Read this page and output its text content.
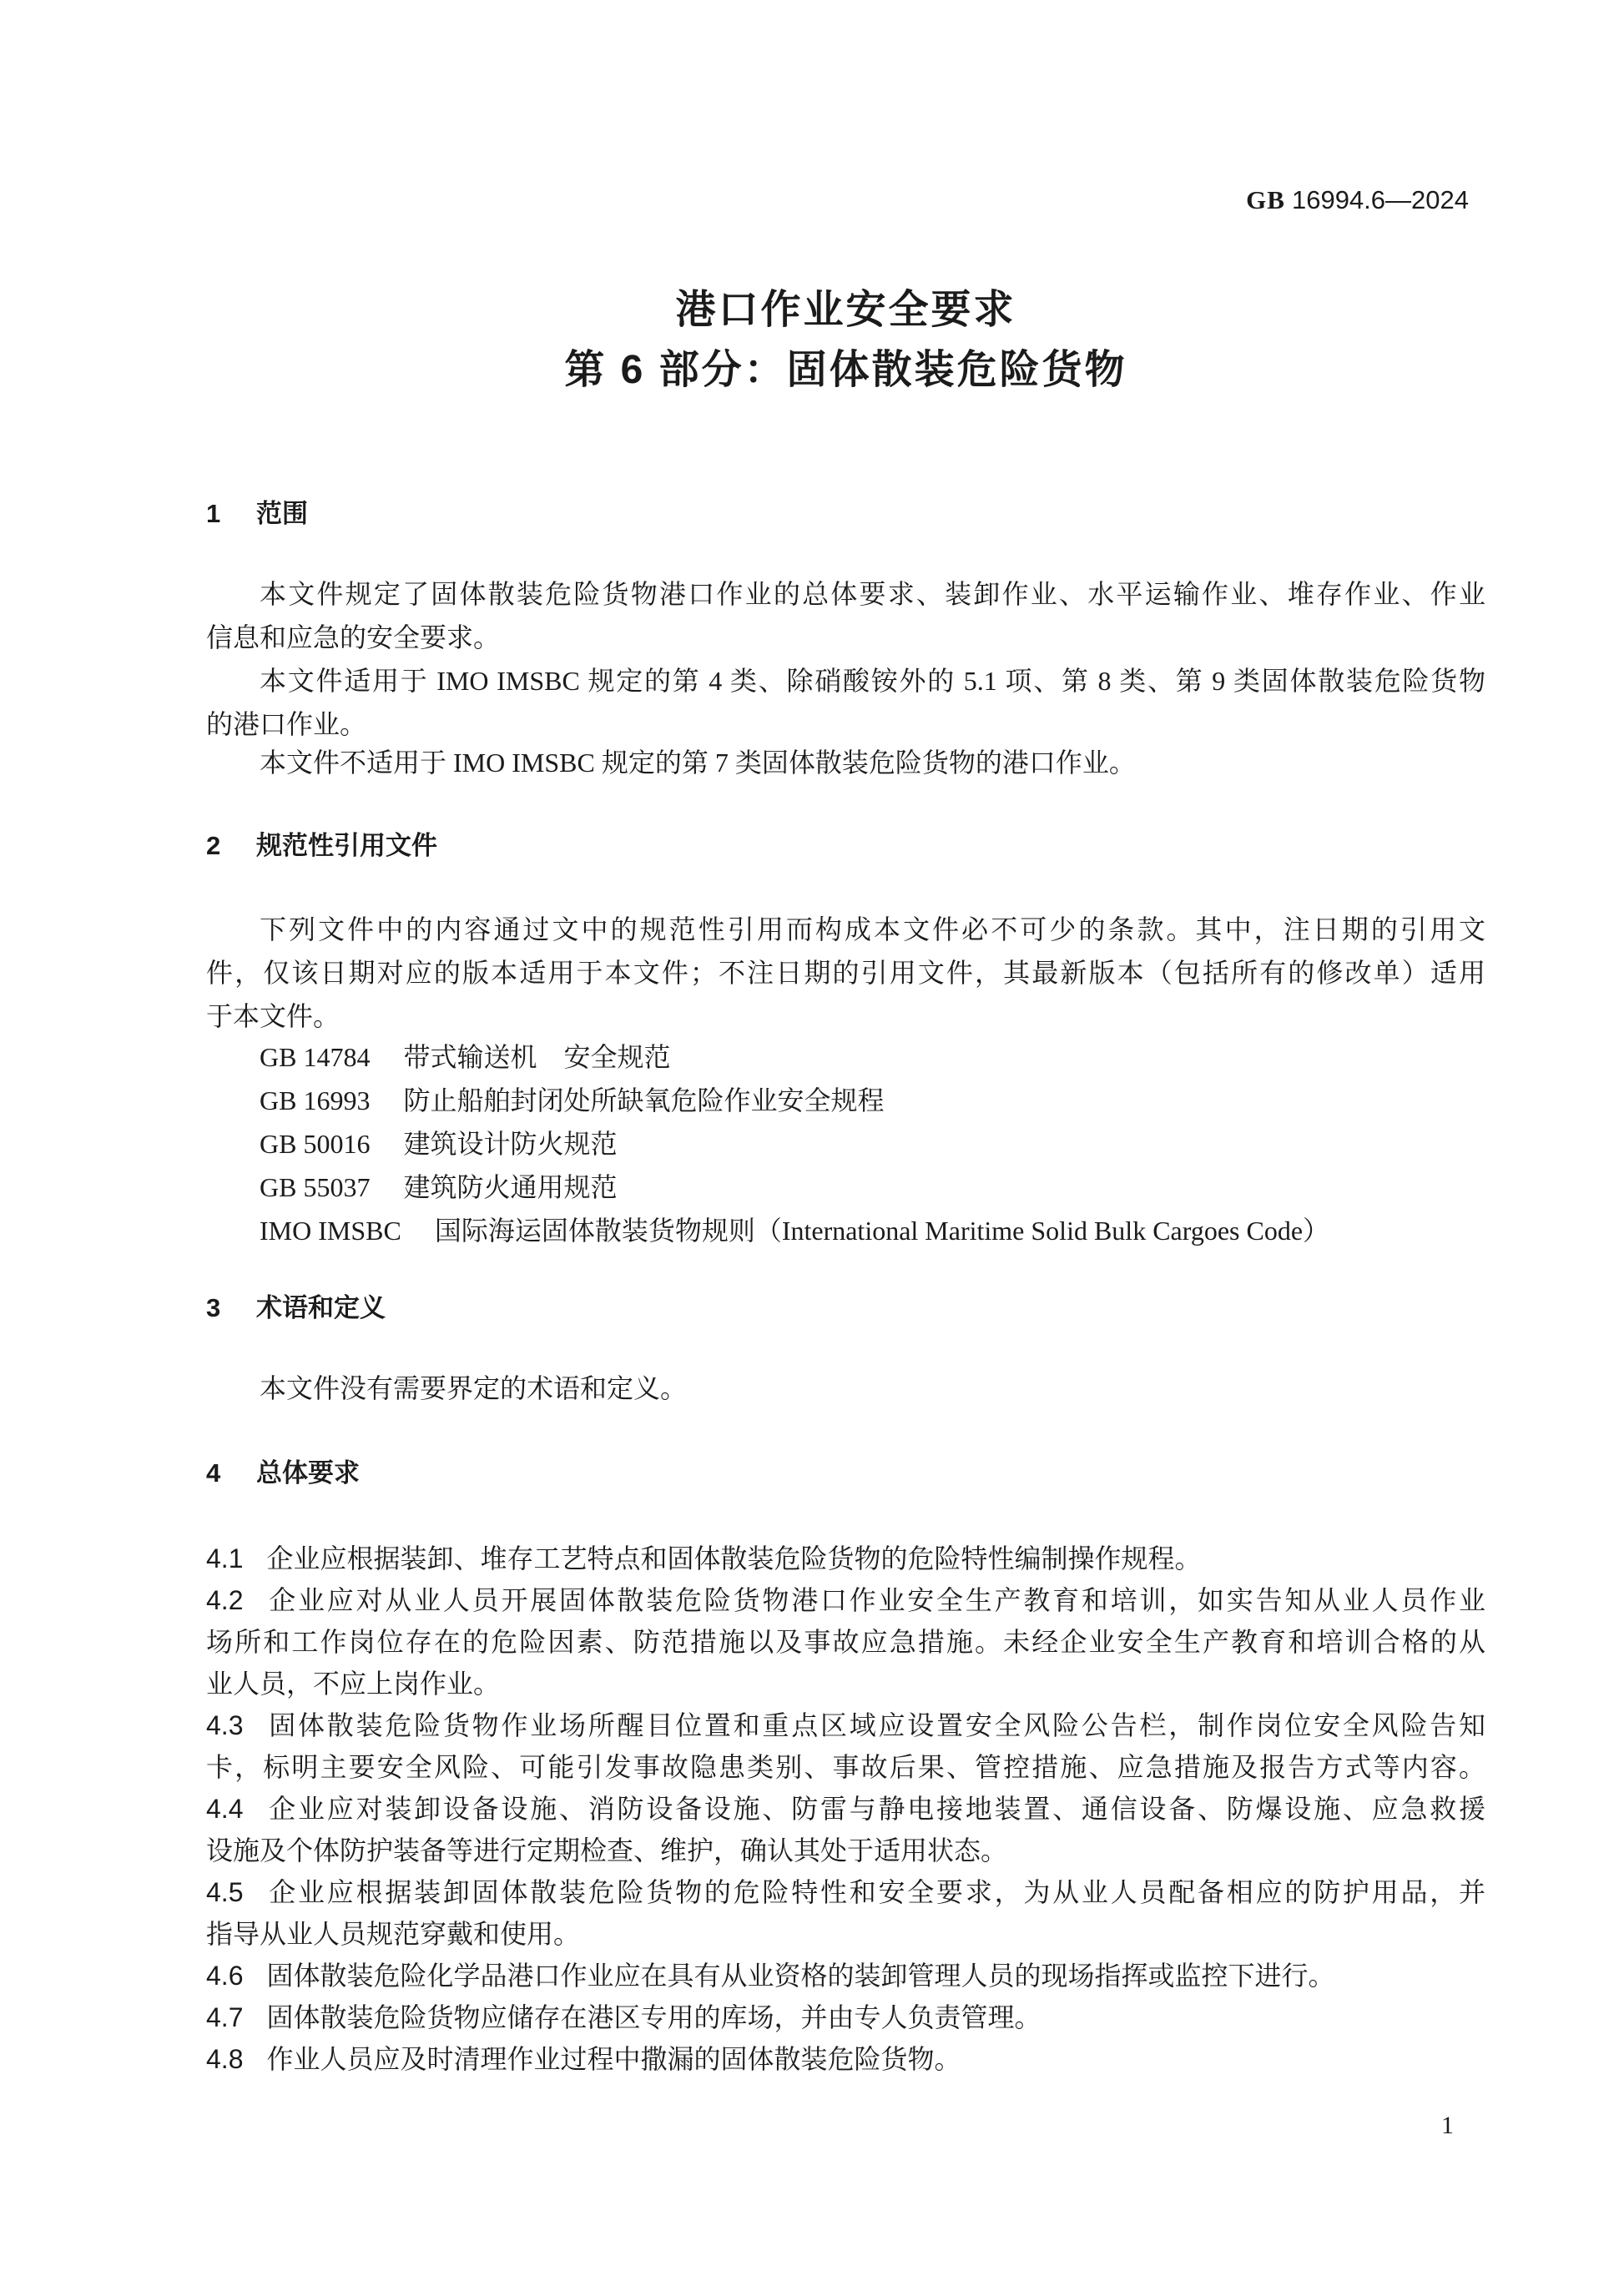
GB 16994.6—2024
港口作业安全要求
第 6 部分：固体散装危险货物
1 范围
本文件规定了固体散装危险货物港口作业的总体要求、装卸作业、水平运输作业、堆存作业、作业
信息和应急的安全要求。
本文件适用于 IMO IMSBC 规定的第 4 类、除硝酸铵外的 5.1 项、第 8 类、第 9 类固体散装危险货物
的港口作业。
本文件不适用于 IMO IMSBC 规定的第 7 类固体散装危险货物的港口作业。
2 规范性引用文件
下列文件中的内容通过文中的规范性引用而构成本文件必不可少的条款。其中，注日期的引用文
件，仅该日期对应的版本适用于本文件；不注日期的引用文件，其最新版本（包括所有的修改单）适用
于本文件。
GB 14784 带式输送机　安全规范
GB 16993 防止船舶封闭处所缺氧危险作业安全规程
GB 50016 建筑设计防火规范
GB 55037 建筑防火通用规范
IMO IMSBC 国际海运固体散装货物规则（International Maritime Solid Bulk Cargoes Code）
3 术语和定义
本文件没有需要界定的术语和定义。
4 总体要求
4.1 企业应根据装卸、堆存工艺特点和固体散装危险货物的危险特性编制操作规程。
4.2 企业应对从业人员开展固体散装危险货物港口作业安全生产教育和培训，如实告知从业人员作业
场所和工作岗位存在的危险因素、防范措施以及事故应急措施。未经企业安全生产教育和培训合格的从
业人员，不应上岗作业。
4.3 固体散装危险货物作业场所醒目位置和重点区域应设置安全风险公告栏，制作岗位安全风险告知
卡，标明主要安全风险、可能引发事故隐患类别、事故后果、管控措施、应急措施及报告方式等内容。
4.4 企业应对装卸设备设施、消防设备设施、防雷与静电接地装置、通信设备、防爆设施、应急救援
设施及个体防护装备等进行定期检查、维护，确认其处于适用状态。
4.5 企业应根据装卸固体散装危险货物的危险特性和安全要求，为从业人员配备相应的防护用品，并
指导从业人员规范穿戴和使用。
4.6 固体散装危险化学品港口作业应在具有从业资格的装卸管理人员的现场指挥或监控下进行。
4.7 固体散装危险货物应储存在港区专用的库场，并由专人负责管理。
4.8 作业人员应及时清理作业过程中撒漏的固体散装危险货物。
1
